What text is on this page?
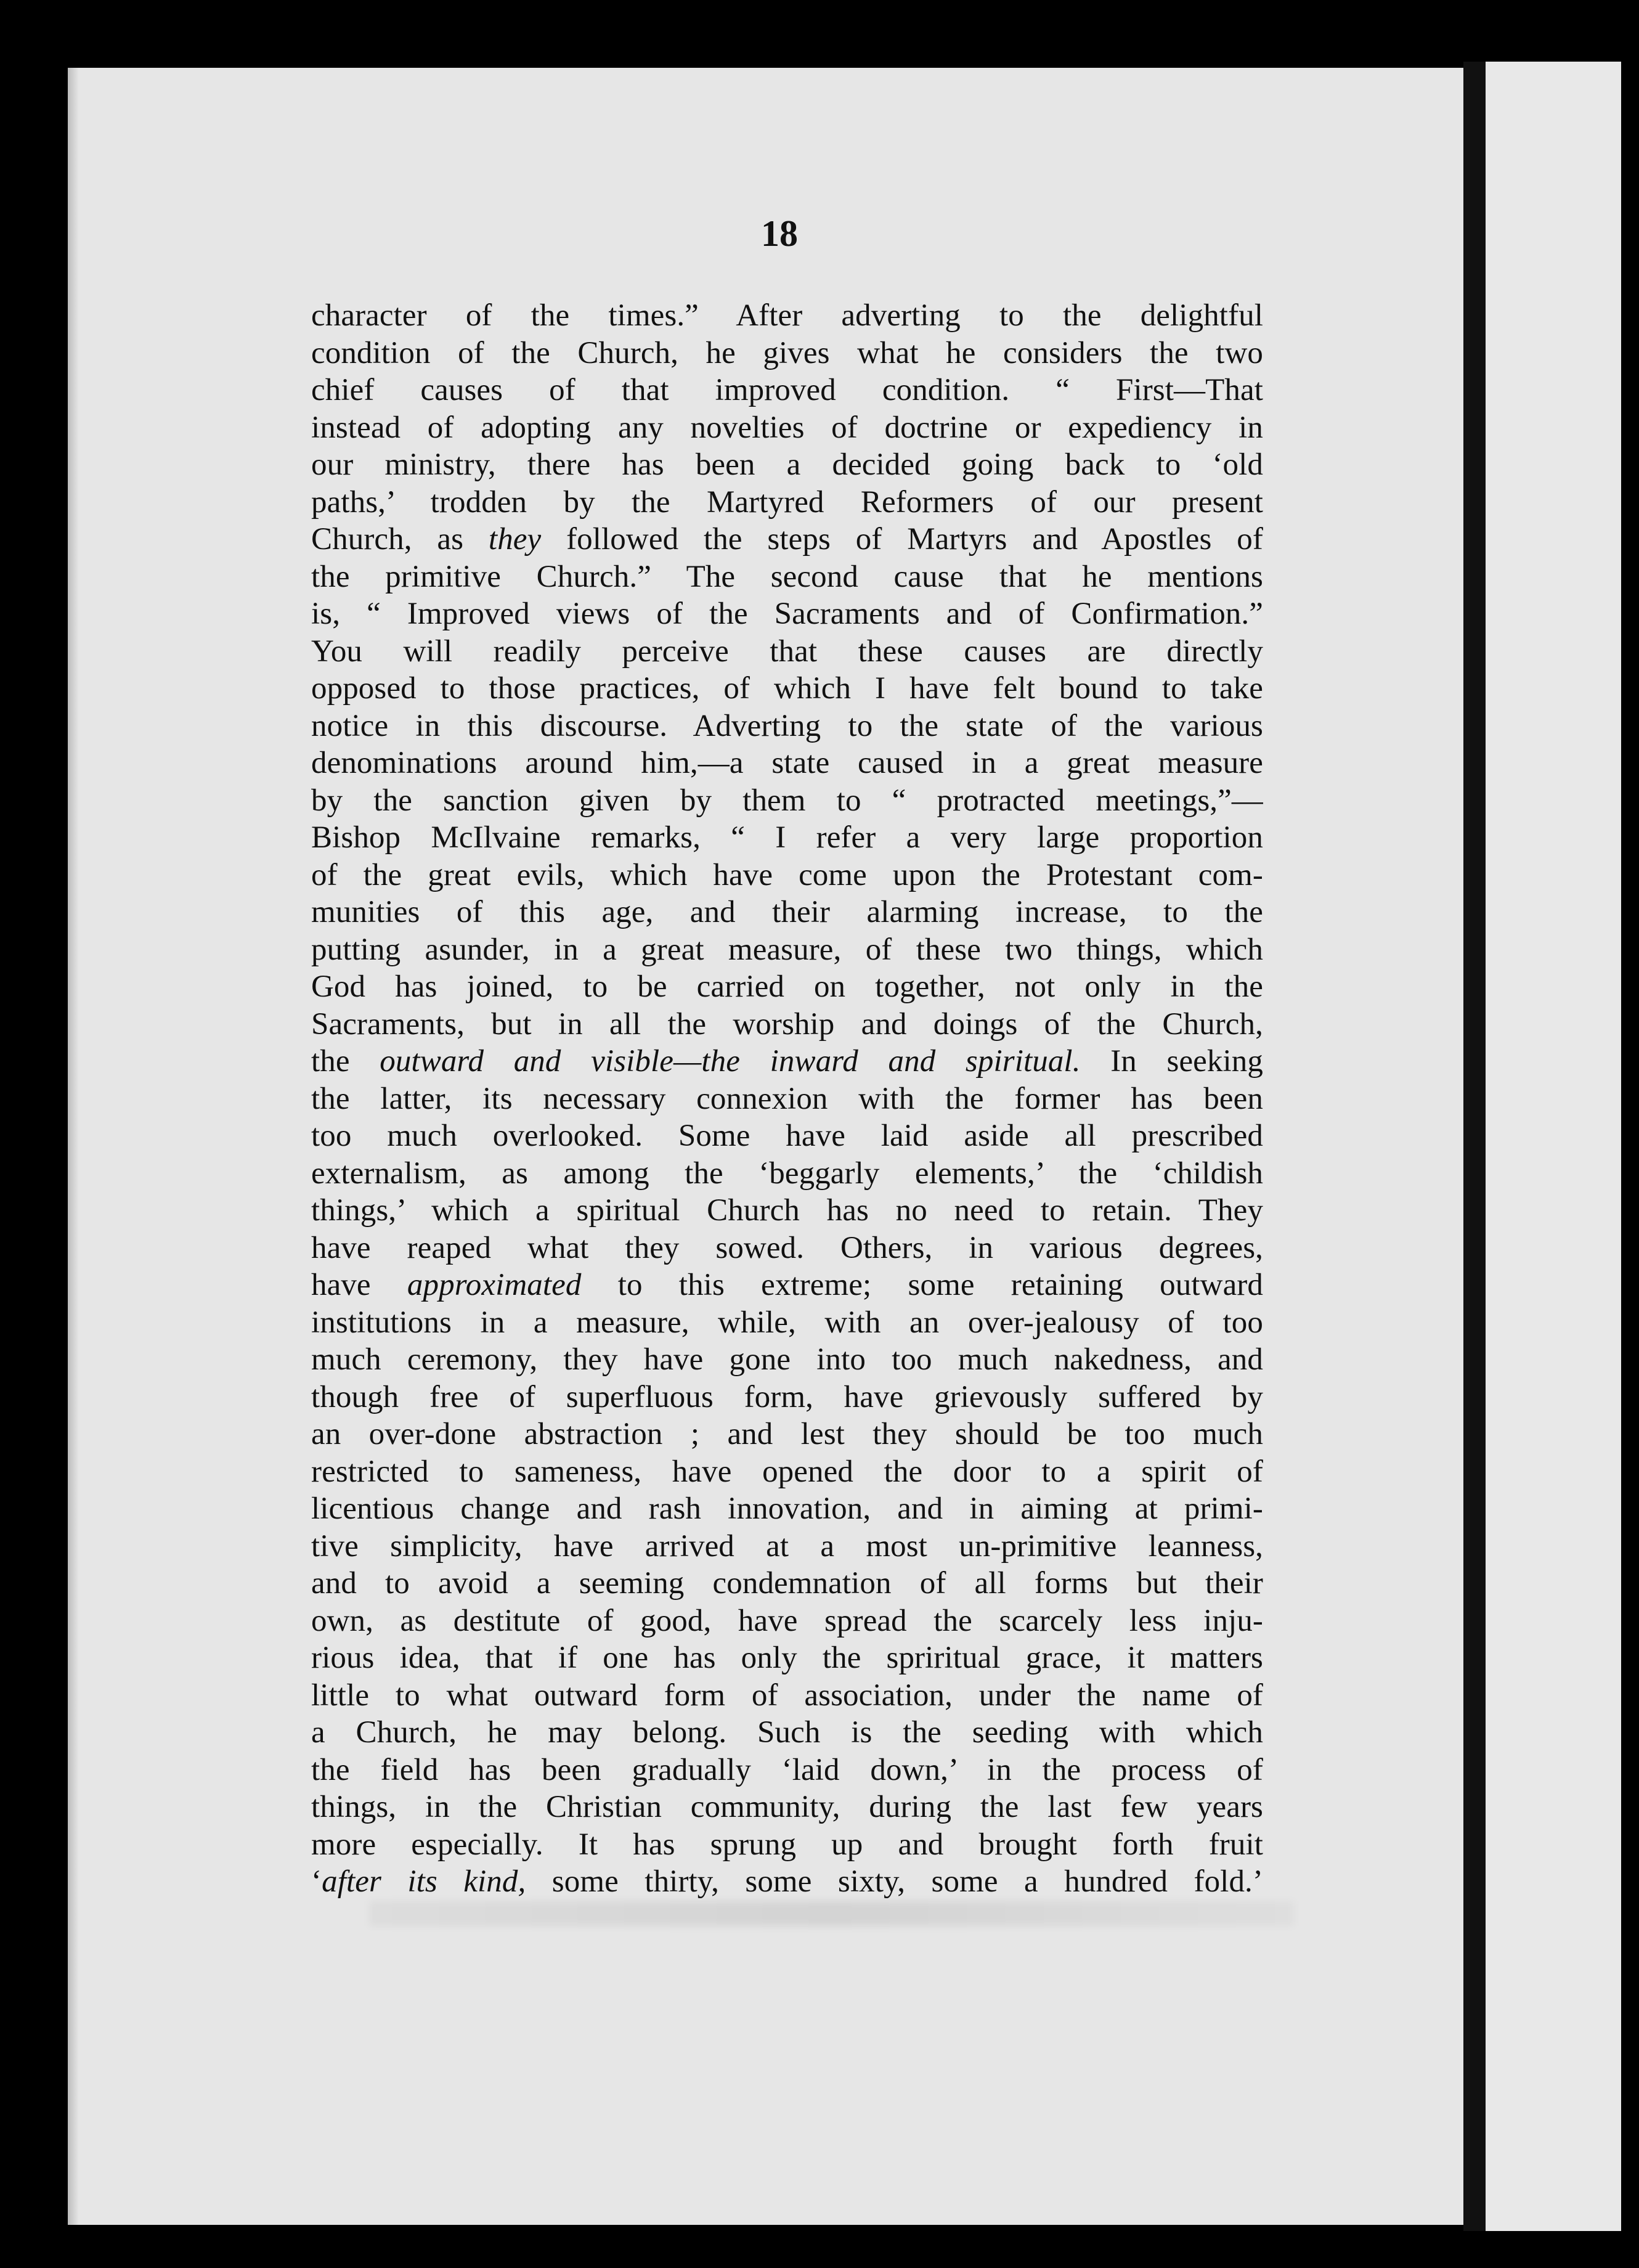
18
character of the times.” After adverting to the delightful
condition of the Church, he gives what he considers the two
chief causes of that improved condition. “ First—That
instead of adopting any novelties of doctrine or expediency in
our ministry, there has been a decided going back to ‘old
paths,’ trodden by the Martyred Reformers of our present
Church, as they followed the steps of Martyrs and Apostles of
the primitive Church.” The second cause that he mentions
is, “ Improved views of the Sacraments and of Confirmation.”
You will readily perceive that these causes are directly
opposed to those practices, of which I have felt bound to take
notice in this discourse. Adverting to the state of the various
denominations around him,—a state caused in a great measure
by the sanction given by them to “ protracted meetings,”—
Bishop McIlvaine remarks, “ I refer a very large proportion
of the great evils, which have come upon the Protestant com-
munities of this age, and their alarming increase, to the
putting asunder, in a great measure, of these two things, which
God has joined, to be carried on together, not only in the
Sacraments, but in all the worship and doings of the Church,
the outward and visible—the inward and spiritual. In seeking
the latter, its necessary connexion with the former has been
too much overlooked. Some have laid aside all prescribed
externalism, as among the ‘beggarly elements,’ the ‘childish
things,’ which a spiritual Church has no need to retain. They
have reaped what they sowed. Others, in various degrees,
have approximated to this extreme; some retaining outward
institutions in a measure, while, with an over-jealousy of too
much ceremony, they have gone into too much nakedness, and
though free of superfluous form, have grievously suffered by
an over-done abstraction ; and lest they should be too much
restricted to sameness, have opened the door to a spirit of
licentious change and rash innovation, and in aiming at primi-
tive simplicity, have arrived at a most un-primitive leanness,
and to avoid a seeming condemnation of all forms but their
own, as destitute of good, have spread the scarcely less inju-
rious idea, that if one has only the spriritual grace, it matters
little to what outward form of association, under the name of
a Church, he may belong. Such is the seeding with which
the field has been gradually ‘laid down,’ in the process of
things, in the Christian community, during the last few years
more especially. It has sprung up and brought forth fruit
‘after its kind, some thirty, some sixty, some a hundred fold.’
